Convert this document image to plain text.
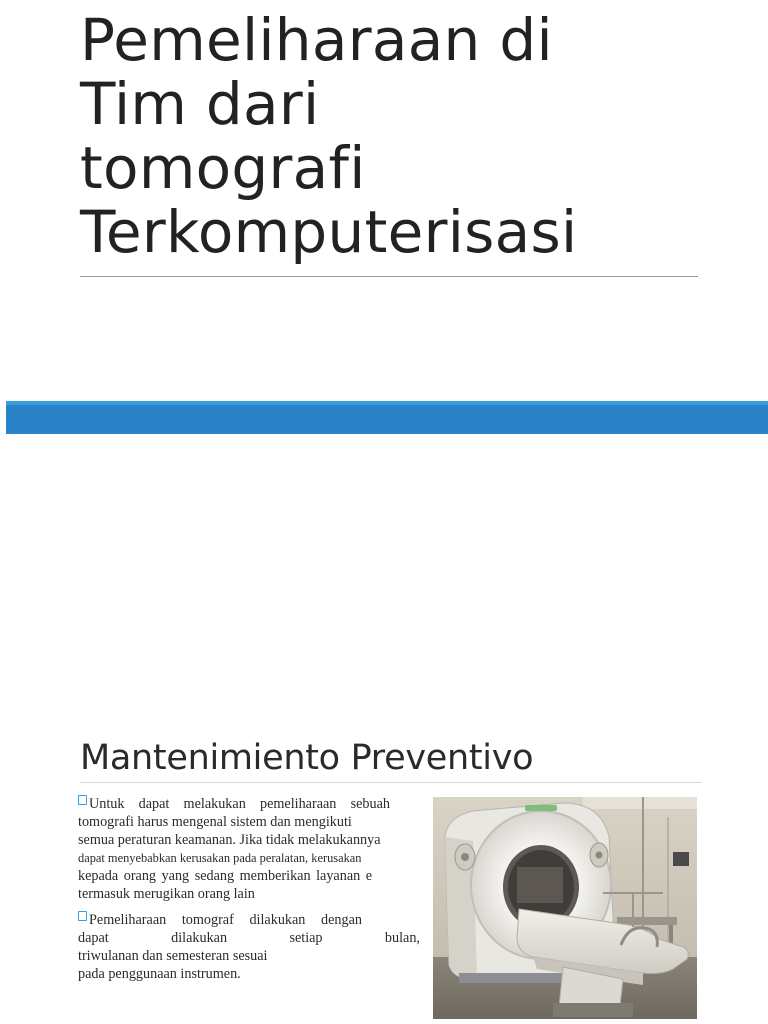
Pemeliharaan di
Tim dari
tomografi
Terkomputerisasi
Mantenimiento Preventivo
Untuk dapat melakukan pemeliharaan sebuah
tomografi harus mengenal sistem dan mengikuti
semua peraturan keamanan. Jika tidak melakukannya
dapat menyebabkan kerusakan pada peralatan, kerusakan
kepada orang yang sedang memberikan layanan e
termasuk merugikan orang lain
Pemeliharaan tomograf dilakukan dengan
dapat	dilakukan	setiap	bulan,
triwulanan dan semesteran sesuai
pada penggunaan instrumen.
